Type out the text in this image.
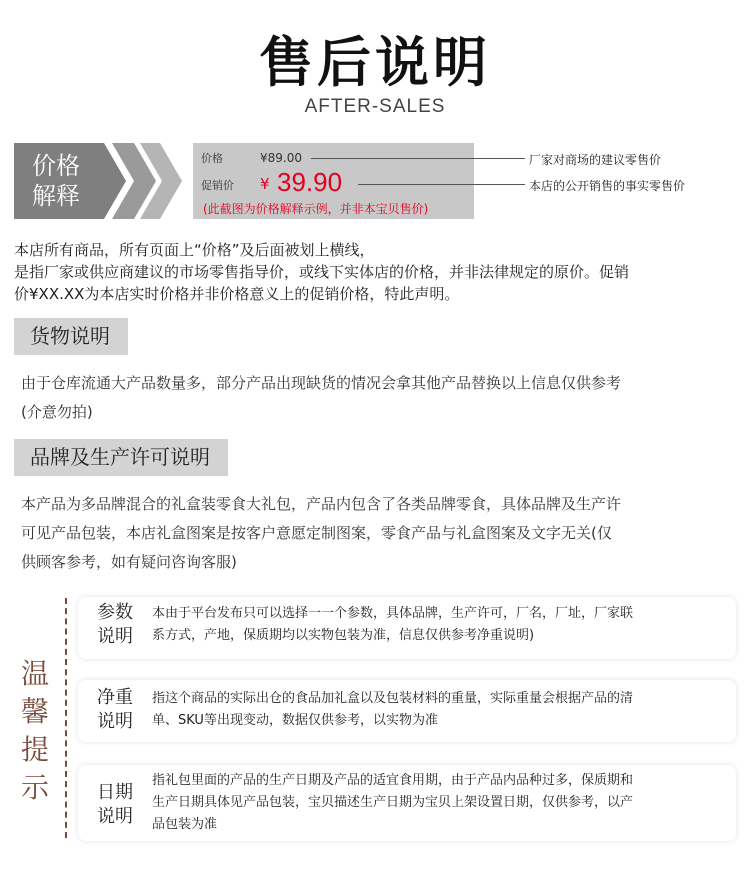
售后说明
AFTER-SALES
价格
解释
价格	¥89.00
促销价 ¥ 39.90
(此截图为价格解释示例，并非本宝贝售价)
厂家对商场的建议零售价
本店的公开销售的事实零售价
本店所有商品，所有页面上“价格”及后面被划上横线，
是指厂家或供应商建议的市场零售指导价，或线下实体店的价格，并非法律规定的原价。促销
价¥XX.XX为本店实时价格并非价格意义上的促销价格，特此声明。
货物说明
由于仓库流通大产品数量多，部分产品出现缺货的情况会拿其他产品替换以上信息仅供参考
(介意勿拍)
品牌及生产许可说明
本产品为多品牌混合的礼盒装零食大礼包，产品内包含了各类品牌零食，具体品牌及生产许
可见产品包装，本店礼盒图案是按客户意愿定制图案，零食产品与礼盒图案及文字无关(仅
供顾客参考，如有疑问咨询客服)
温
馨
提
示
参数
说明
本由于平台发布只可以选择一一个参数，具体品牌，生产许可，厂名，厂址，厂家联
系方式，产地，保质期均以实物包装为准，信息仅供参考净重说明)
净重
说明
指这个商品的实际出仓的食品加礼盒以及包装材料的重量，实际重量会根据产品的清
单、SKU等出现变动，数据仅供参考，以实物为准
日期
说明
指礼包里面的产品的生产日期及产品的适宜食用期，由于产品内品种过多，保质期和
生产日期具体见产品包装，宝贝描述生产日期为宝贝上架设置日期，仅供参考，以产
品包装为准
